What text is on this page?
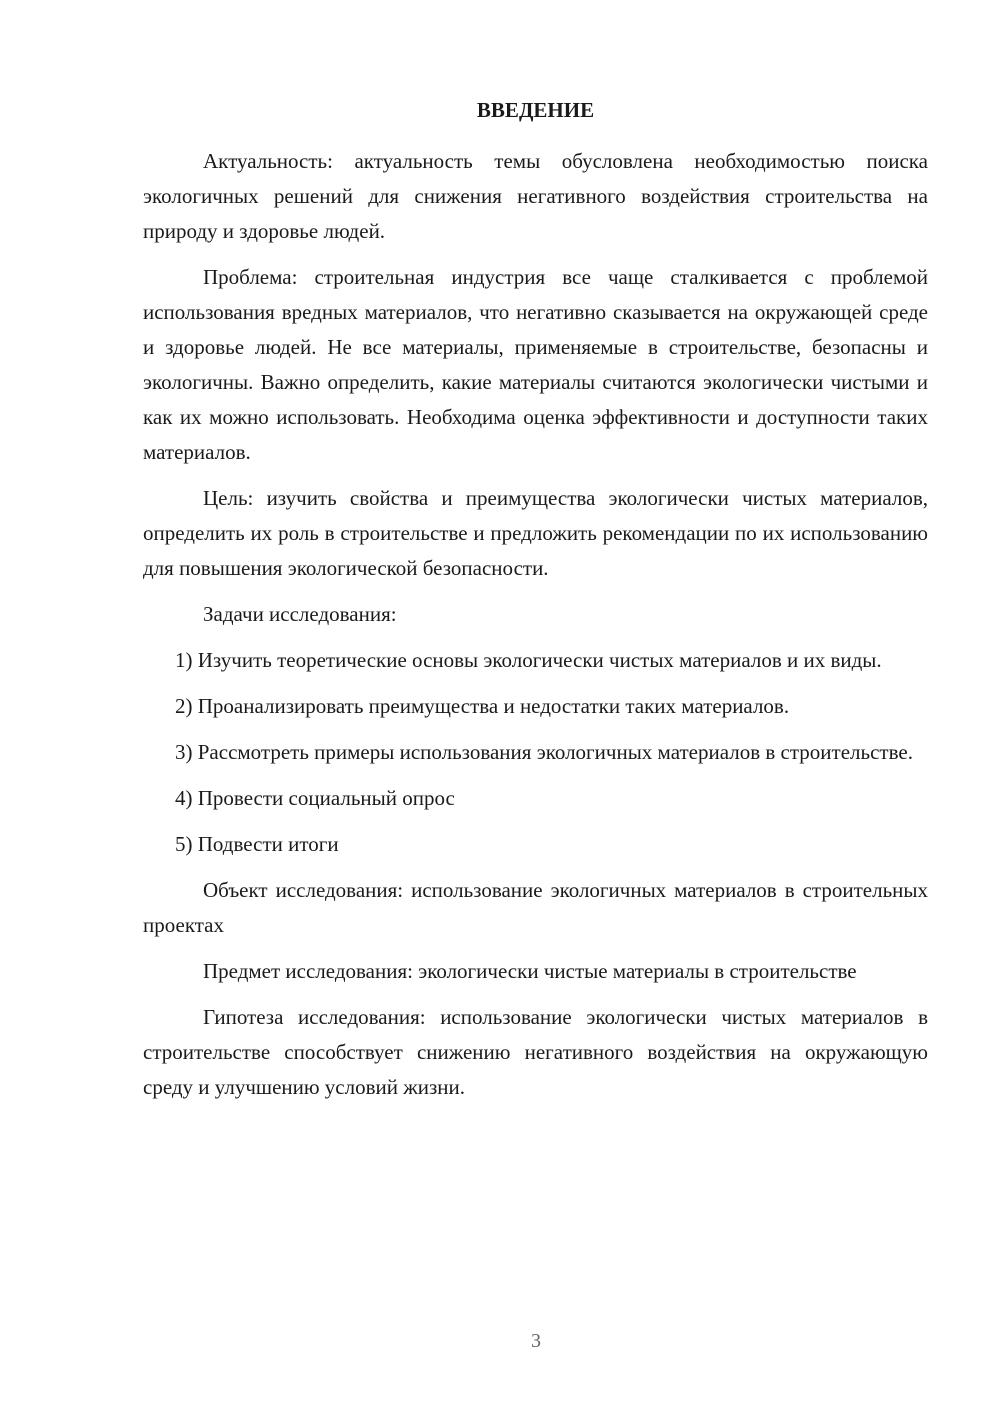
ВВЕДЕНИЕ

Актуальность: актуальность темы обусловлена необходимостью поиска экологичных решений для снижения негативного воздействия строительства на природу и здоровье людей.

Проблема: строительная индустрия все чаще сталкивается с проблемой использования вредных материалов, что негативно сказывается на окружающей среде и здоровье людей. Не все материалы, применяемые в строительстве, безопасны и экологичны. Важно определить, какие материалы считаются экологически чистыми и как их можно использовать. Необходима оценка эффективности и доступности таких материалов.

Цель: изучить свойства и преимущества экологически чистых материалов, определить их роль в строительстве и предложить рекомендации по их использованию для повышения экологической безопасности.

Задачи исследования:

1) Изучить теоретические основы экологически чистых материалов и их виды.

2) Проанализировать преимущества и недостатки таких материалов.

3) Рассмотреть примеры использования экологичных материалов в строительстве.

4) Провести социальный опрос

5) Подвести итоги

Объект исследования: использование экологичных материалов в строительных проектах

Предмет исследования: экологически чистые материалы в строительстве

Гипотеза исследования: использование экологически чистых материалов в строительстве способствует снижению негативного воздействия на окружающую среду и улучшению условий жизни.

3
